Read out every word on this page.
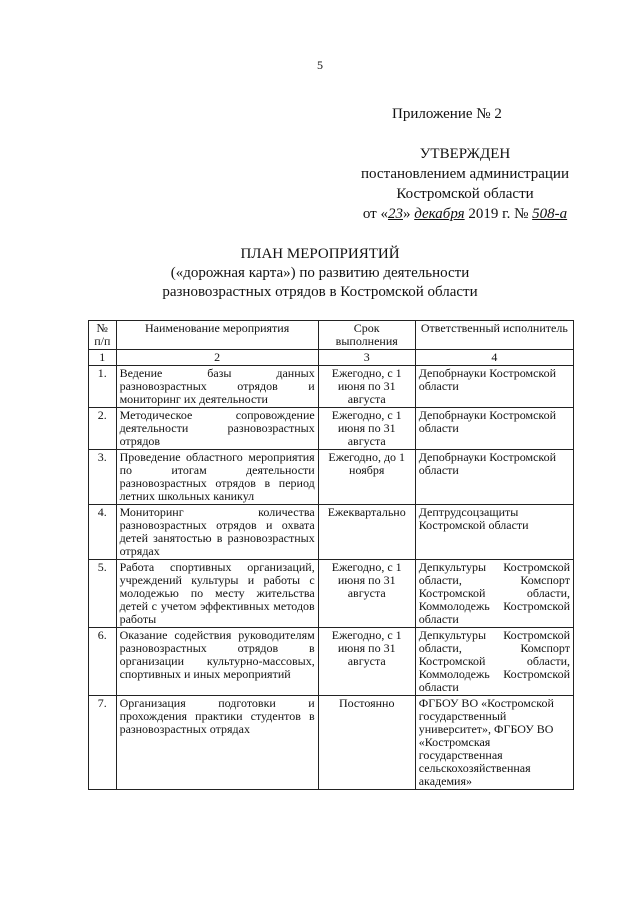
5
Приложение № 2
УТВЕРЖДЕН
постановлением администрации
Костромской области
от «23» декабря 2019 г. № 508-а
ПЛАН МЕРОПРИЯТИЙ
(«дорожная карта») по развитию деятельности
разновозрастных отрядов в Костромской области
№ п/п	Наименование мероприятия	Срок выполнения	Ответственный исполнитель
1	2	3	4
1.	Ведение базы данных разновозрастных отрядов и мониторинг их деятельности	Ежегодно, с 1 июня по 31 августа	Депобрнауки Костромской области
2.	Методическое сопровождение деятельности разновозрастных отрядов	Ежегодно, с 1 июня по 31 августа	Депобрнауки Костромской области
3.	Проведение областного мероприятия по итогам деятельности разновозрастных отрядов в период летних школьных каникул	Ежегодно, до 1 ноября	Депобрнауки Костромской области
4.	Мониторинг количества разновозрастных отрядов и охвата детей занятостью в разновозрастных отрядах	Ежеквартально	Дептрудсоцзащиты Костромской области
5.	Работа спортивных организаций, учреждений культуры и работы с молодежью по месту жительства детей с учетом эффективных методов работы	Ежегодно, с 1 июня по 31 августа	Депкультуры Костромской области, Комспорт Костромской области, Коммолодежь Костромской области
6.	Оказание содействия руководителям разновозрастных отрядов в организации культурно-массовых, спортивных и иных мероприятий	Ежегодно, с 1 июня по 31 августа	Депкультуры Костромской области, Комспорт Костромской области, Коммолодежь Костромской области
7.	Организация подготовки и прохождения практики студентов в разновозрастных отрядах	Постоянно	ФГБОУ ВО «Костромской государственный университет», ФГБОУ ВО «Костромская государственная сельскохозяйственная академия»
